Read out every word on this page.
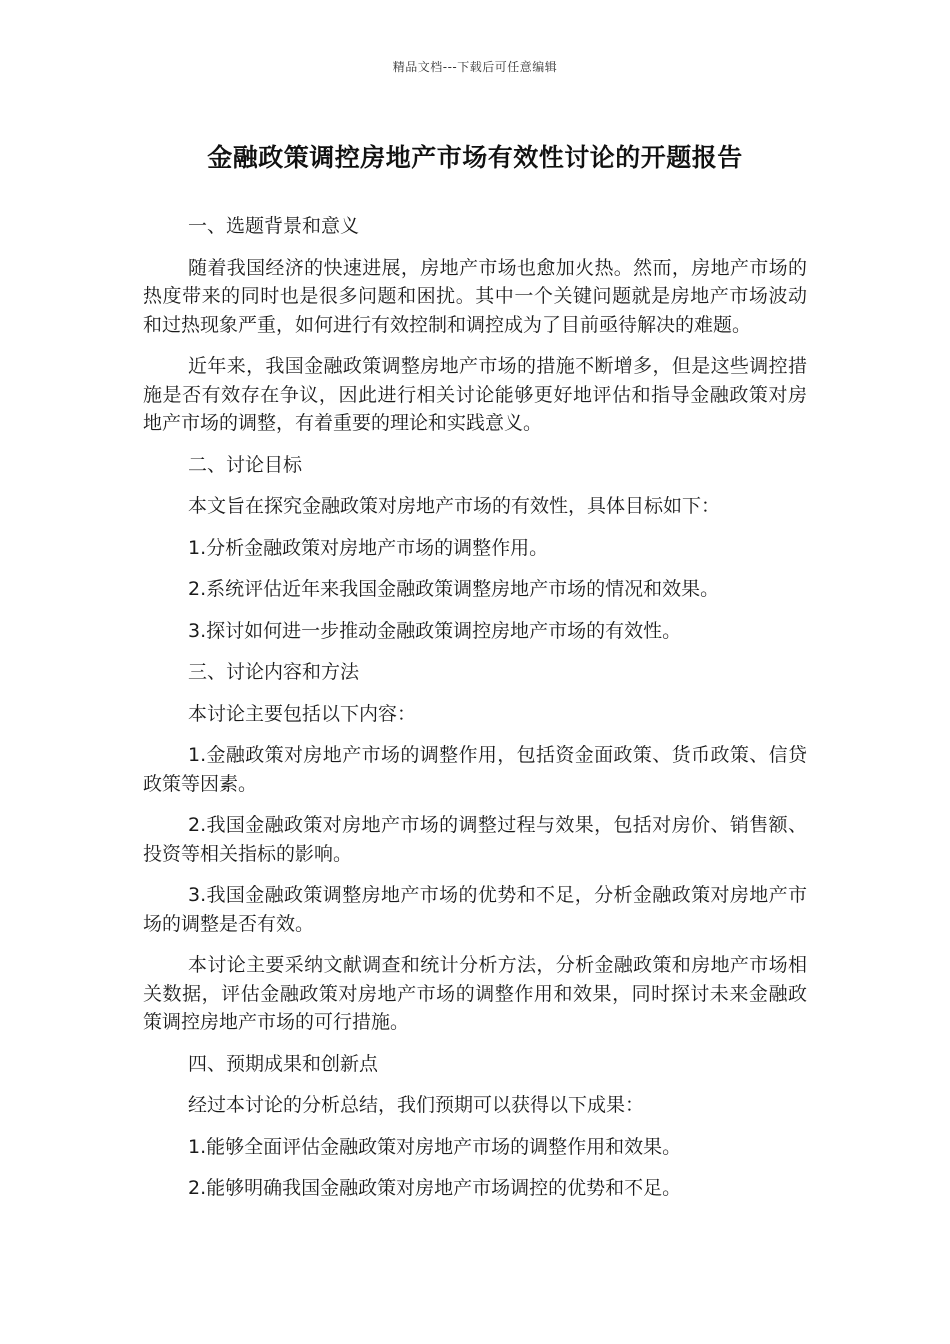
精品文档---下载后可任意编辑
金融政策调控房地产市场有效性讨论的开题报告

一、选题背景和意义

随着我国经济的快速进展，房地产市场也愈加火热。然而，房地产市场的热度带来的同时也是很多问题和困扰。其中一个关键问题就是房地产市场波动和过热现象严重，如何进行有效控制和调控成为了目前亟待解决的难题。

近年来，我国金融政策调整房地产市场的措施不断增多，但是这些调控措施是否有效存在争议，因此进行相关讨论能够更好地评估和指导金融政策对房地产市场的调整，有着重要的理论和实践意义。

二、讨论目标

本文旨在探究金融政策对房地产市场的有效性，具体目标如下：

1.分析金融政策对房地产市场的调整作用。

2.系统评估近年来我国金融政策调整房地产市场的情况和效果。

3.探讨如何进一步推动金融政策调控房地产市场的有效性。

三、讨论内容和方法

本讨论主要包括以下内容：

1.金融政策对房地产市场的调整作用，包括资金面政策、货币政策、信贷政策等因素。

2.我国金融政策对房地产市场的调整过程与效果，包括对房价、销售额、投资等相关指标的影响。

3.我国金融政策调整房地产市场的优势和不足，分析金融政策对房地产市场的调整是否有效。

本讨论主要采纳文献调查和统计分析方法，分析金融政策和房地产市场相关数据，评估金融政策对房地产市场的调整作用和效果，同时探讨未来金融政策调控房地产市场的可行措施。

四、预期成果和创新点

经过本讨论的分析总结，我们预期可以获得以下成果：

1.能够全面评估金融政策对房地产市场的调整作用和效果。

2.能够明确我国金融政策对房地产市场调控的优势和不足。
